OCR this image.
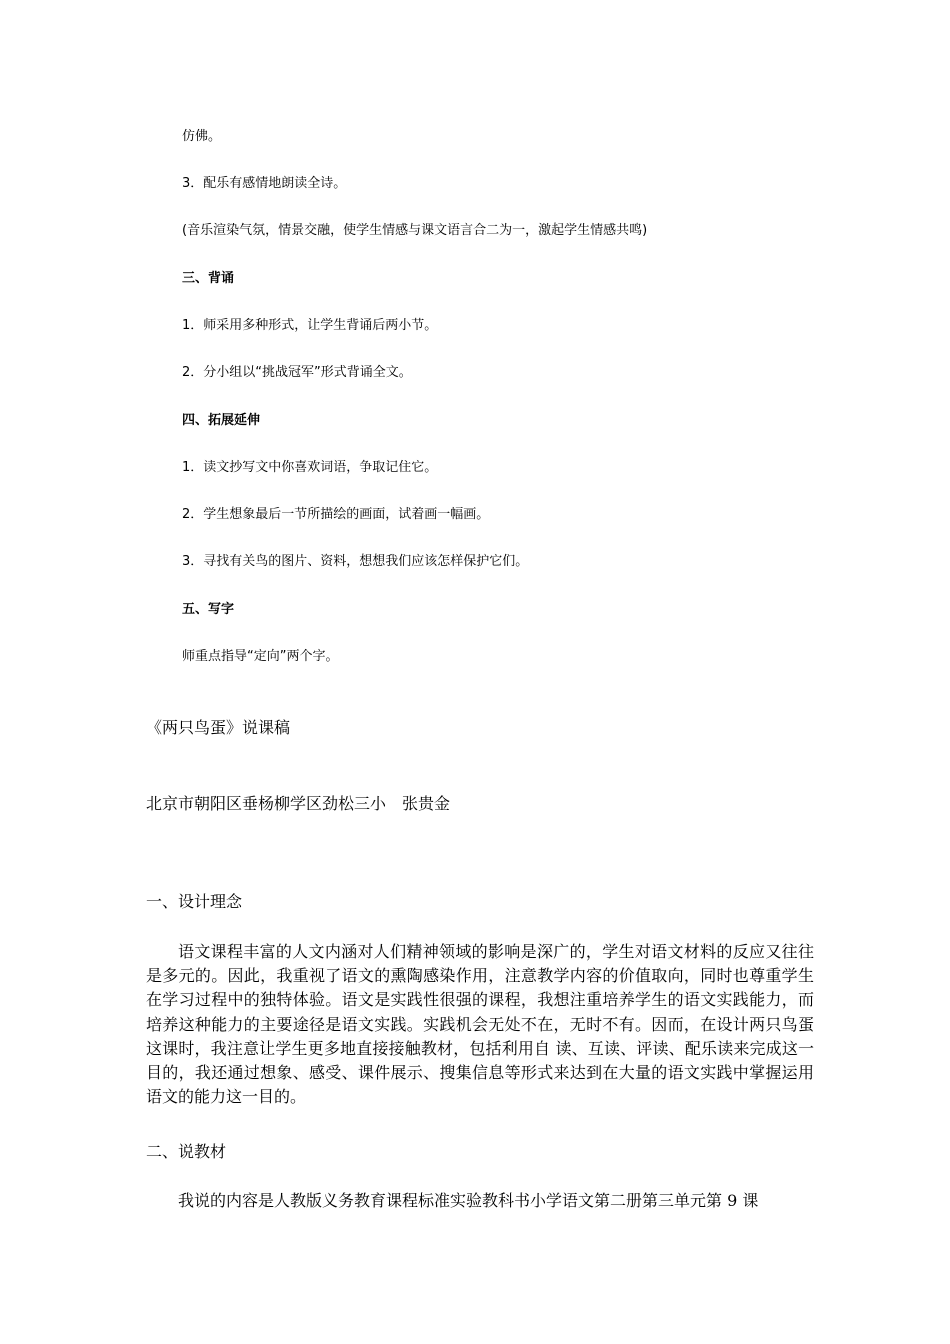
仿佛。

3．配乐有感情地朗读全诗。

(音乐渲染气氛，情景交融，使学生情感与课文语言合二为一，激起学生情感共鸣)

三、背诵

1．师采用多种形式，让学生背诵后两小节。

2．分小组以“挑战冠军”形式背诵全文。

四、拓展延伸

1．读文抄写文中你喜欢词语，争取记住它。

2．学生想象最后一节所描绘的画面，试着画一幅画。

3．寻找有关鸟的图片、资料，想想我们应该怎样保护它们。

五、写字

师重点指导“定向”两个字。

《两只鸟蛋》说课稿

北京市朝阳区垂杨柳学区劲松三小　张贵金

一、设计理念

语文课程丰富的人文内涵对人们精神领域的影响是深广的，学生对语文材料的反应又往往是多元的。因此，我重视了语文的熏陶感染作用，注意教学内容的价值取向，同时也尊重学生在学习过程中的独特体验。语文是实践性很强的课程，我想注重培养学生的语文实践能力，而培养这种能力的主要途径是语文实践。实践机会无处不在，无时不有。因而，在设计两只鸟蛋这课时，我注意让学生更多地直接接触教材，包括利用自 读、互读、评读、配乐读来完成这一目的，我还通过想象、感受、课件展示、搜集信息等形式来达到在大量的语文实践中掌握运用语文的能力这一目的。

二、说教材

我说的内容是人教版义务教育课程标准实验教科书小学语文第二册第三单元第 9 课
